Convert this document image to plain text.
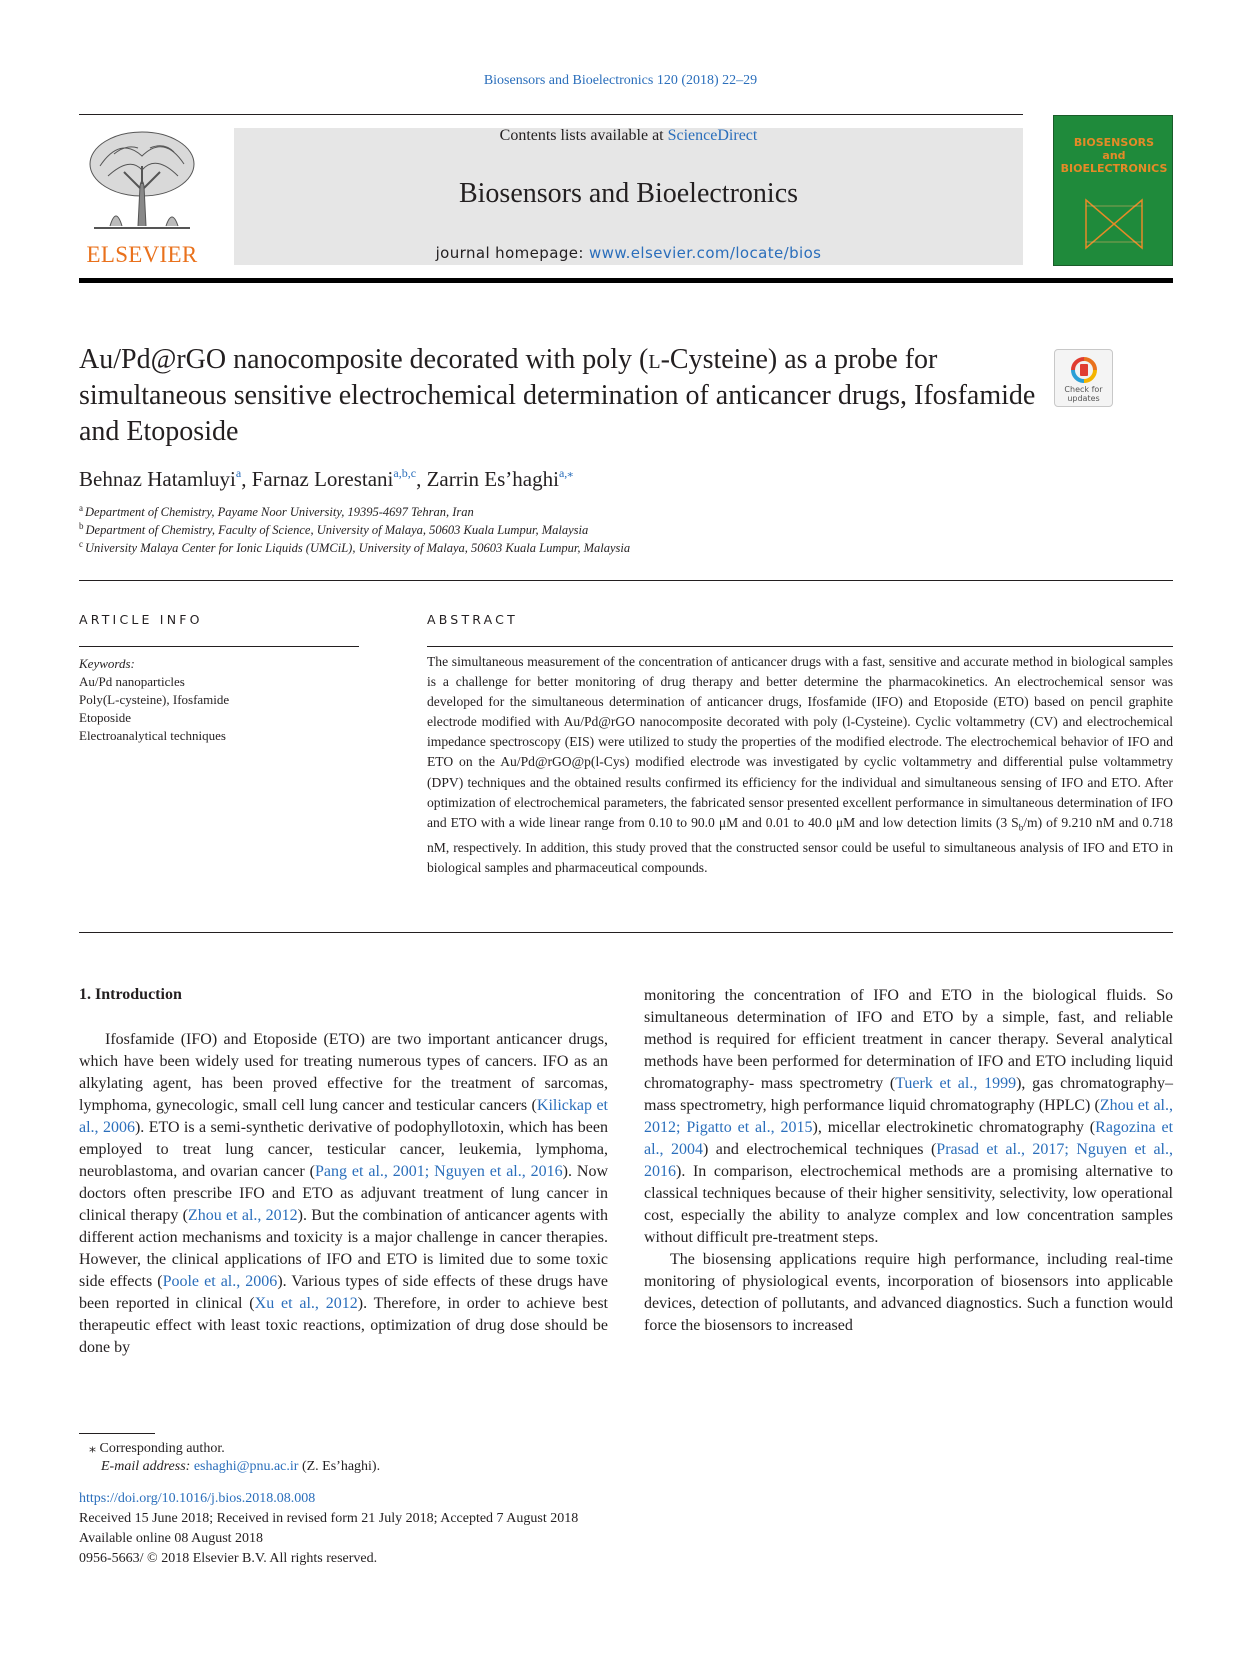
Biosensors and Bioelectronics 120 (2018) 22–29
ELSEVIER
Contents lists available at ScienceDirect
Biosensors and Bioelectronics
journal homepage: www.elsevier.com/locate/bios
BIOSENSORS
and
BIOELECTRONICS
Au/Pd@rGO nanocomposite decorated with poly (l-Cysteine) as a probe for simultaneous sensitive electrochemical determination of anticancer drugs, Ifosfamide and Etoposide
Check for updates
Behnaz Hatamluyi$^a$, Farnaz Lorestani$^{a,b,c}$, Zarrin Es’haghi$^{a,⁎}$
$^a$ Department of Chemistry, Payame Noor University, 19395-4697 Tehran, Iran
$^b$ Department of Chemistry, Faculty of Science, University of Malaya, 50603 Kuala Lumpur, Malaysia
$^c$ University Malaya Center for Ionic Liquids (UMCiL), University of Malaya, 50603 Kuala Lumpur, Malaysia
ARTICLE INFO	ABSTRACT
Keywords:
Au/Pd nanoparticles
Poly(L-cysteine), Ifosfamide
Etoposide
Electroanalytical techniques
The simultaneous measurement of the concentration of anticancer drugs with a fast, sensitive and accurate method in biological samples is a challenge for better monitoring of drug therapy and better determine the pharmacokinetics. An electrochemical sensor was developed for the simultaneous determination of anticancer drugs, Ifosfamide (IFO) and Etoposide (ETO) based on pencil graphite electrode modified with Au/Pd@rGO nanocomposite decorated with poly (l-Cysteine). Cyclic voltammetry (CV) and electrochemical impedance spectroscopy (EIS) were utilized to study the properties of the modified electrode. The electrochemical behavior of IFO and ETO on the Au/Pd@rGO@p(l-Cys) modified electrode was investigated by cyclic voltammetry and differential pulse voltammetry (DPV) techniques and the obtained results confirmed its efficiency for the individual and simultaneous sensing of IFO and ETO. After optimization of electrochemical parameters, the fabricated sensor presented excellent performance in simultaneous determination of IFO and ETO with a wide linear range from 0.10 to 90.0 μM and 0.01 to 40.0 μM and low detection limits (3 $S_b/m$) of 9.210 nM and 0.718 nM, respectively. In addition, this study proved that the constructed sensor could be useful to simultaneous analysis of IFO and ETO in biological samples and pharmaceutical compounds.
1. Introduction
Ifosfamide (IFO) and Etoposide (ETO) are two important anticancer drugs, which have been widely used for treating numerous types of cancers. IFO as an alkylating agent, has been proved effective for the treatment of sarcomas, lymphoma, gynecologic, small cell lung cancer and testicular cancers (Kilickap et al., 2006). ETO is a semi-synthetic derivative of podophyllotoxin, which has been employed to treat lung cancer, testicular cancer, leukemia, lymphoma, neuroblastoma, and ovarian cancer (Pang et al., 2001; Nguyen et al., 2016). Now doctors often prescribe IFO and ETO as adjuvant treatment of lung cancer in clinical therapy (Zhou et al., 2012). But the combination of anticancer agents with different action mechanisms and toxicity is a major challenge in cancer therapies. However, the clinical applications of IFO and ETO is limited due to some toxic side effects (Poole et al., 2006). Various types of side effects of these drugs have been reported in clinical (Xu et al., 2012). Therefore, in order to achieve best therapeutic effect with least toxic reactions, optimization of drug dose should be done by
monitoring the concentration of IFO and ETO in the biological fluids. So simultaneous determination of IFO and ETO by a simple, fast, and reliable method is required for efficient treatment in cancer therapy. Several analytical methods have been performed for determination of IFO and ETO including liquid chromatography- mass spectrometry (Tuerk et al., 1999), gas chromatography–mass spectrometry, high performance liquid chromatography (HPLC) (Zhou et al., 2012; Pigatto et al., 2015), micellar electrokinetic chromatography (Ragozina et al., 2004) and electrochemical techniques (Prasad et al., 2017; Nguyen et al., 2016). In comparison, electrochemical methods are a promising alternative to classical techniques because of their higher sensitivity, selectivity, low operational cost, especially the ability to analyze complex and low concentration samples without difficult pre-treatment steps.
The biosensing applications require high performance, including real-time monitoring of physiological events, incorporation of biosensors into applicable devices, detection of pollutants, and advanced diagnostics. Such a function would force the biosensors to increased
⁎ Corresponding author.
E-mail address: eshaghi@pnu.ac.ir (Z. Es’haghi).
https://doi.org/10.1016/j.bios.2018.08.008
Received 15 June 2018; Received in revised form 21 July 2018; Accepted 7 August 2018
Available online 08 August 2018
0956-5663/ © 2018 Elsevier B.V. All rights reserved.
